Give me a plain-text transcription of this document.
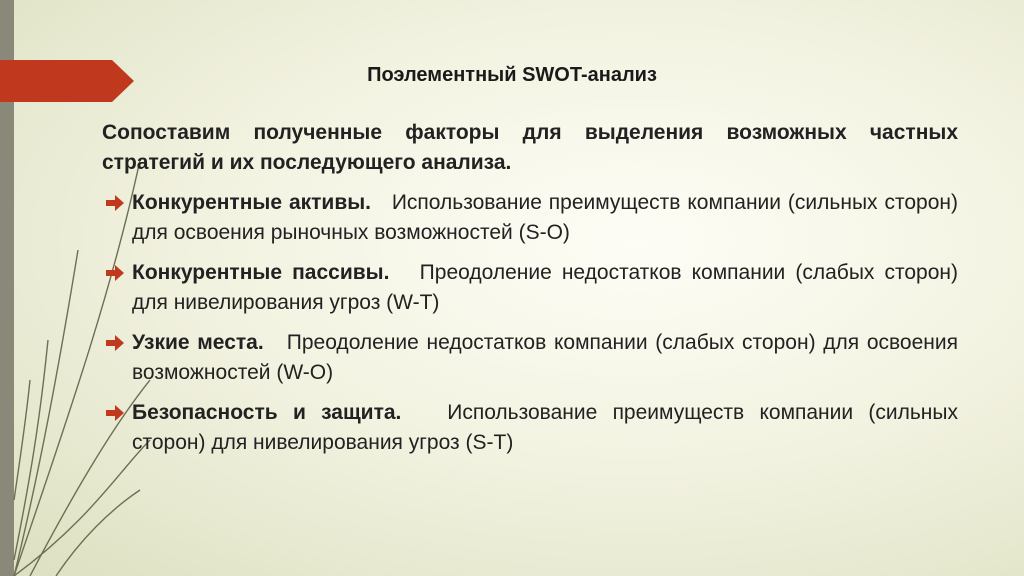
Поэлементный SWOT-анализ

Сопоставим полученные факторы для выделения возможных частных стратегий и их последующего анализа.

Конкурентные активы.   Использование преимуществ компании (сильных сторон) для освоения рыночных возможностей (S-O)
Конкурентные пассивы.   Преодоление недостатков компании (слабых сторон) для нивелирования угроз (W-T)
Узкие места.   Преодоление недостатков компании (слабых сторон) для освоения возможностей (W-O)
Безопасность и защита.   Использование преимуществ компании (сильных сторон) для нивелирования угроз (S-T)
